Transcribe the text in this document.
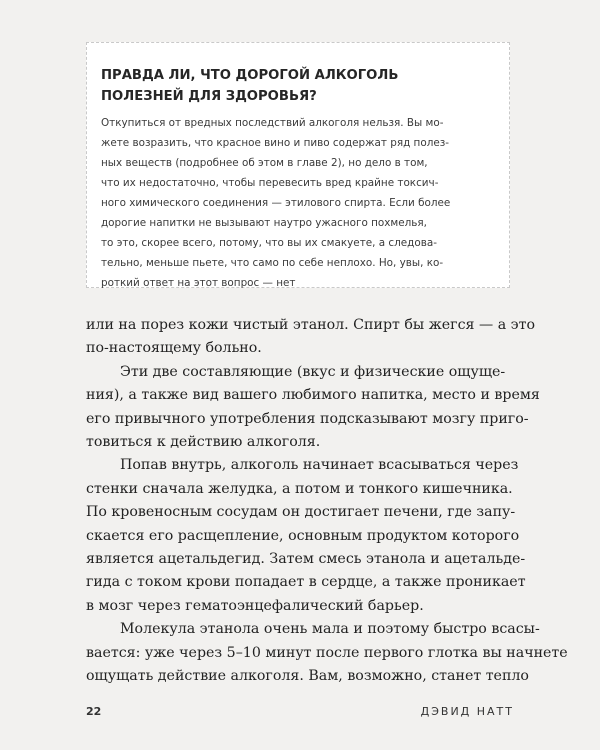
ПРАВДА ЛИ, ЧТО ДОРОГОЙ АЛКОГОЛЬ
ПОЛЕЗНЕЙ ДЛЯ ЗДОРОВЬЯ?
Откупиться от вредных последствий алкоголя нельзя. Вы мо-
жете возразить, что красное вино и пиво содержат ряд полез-
ных веществ (подробнее об этом в главе 2), но дело в том,
что их недостаточно, чтобы перевесить вред крайне токсич-
ного химического соединения — этилового спирта. Если более
дорогие напитки не вызывают наутро ужасного похмелья,
то это, скорее всего, потому, что вы их смакуете, а следова-
тельно, меньше пьете, что само по себе неплохо. Но, увы, ко-
роткий ответ на этот вопрос — нет
или на порез кожи чистый этанол. Спирт бы жегся — а это
по-настоящему больно.
Эти две составляющие (вкус и физические ощуще-
ния), а также вид вашего любимого напитка, место и время
его привычного употребления подсказывают мозгу приго-
товиться к действию алкоголя.
Попав внутрь, алкоголь начинает всасываться через
стенки сначала желудка, а потом и тонкого кишечника.
По кровеносным сосудам он достигает печени, где запу-
скается его расщепление, основным продуктом которого
является ацетальдегид. Затем смесь этанола и ацетальде-
гида с током крови попадает в сердце, а также проникает
в мозг через гематоэнцефалический барьер.
Молекула этанола очень мала и поэтому быстро всасы-
вается: уже через 5–10 минут после первого глотка вы начнете
ощущать действие алкоголя. Вам, возможно, станет тепло
22	ДЭВИД НАТТ
